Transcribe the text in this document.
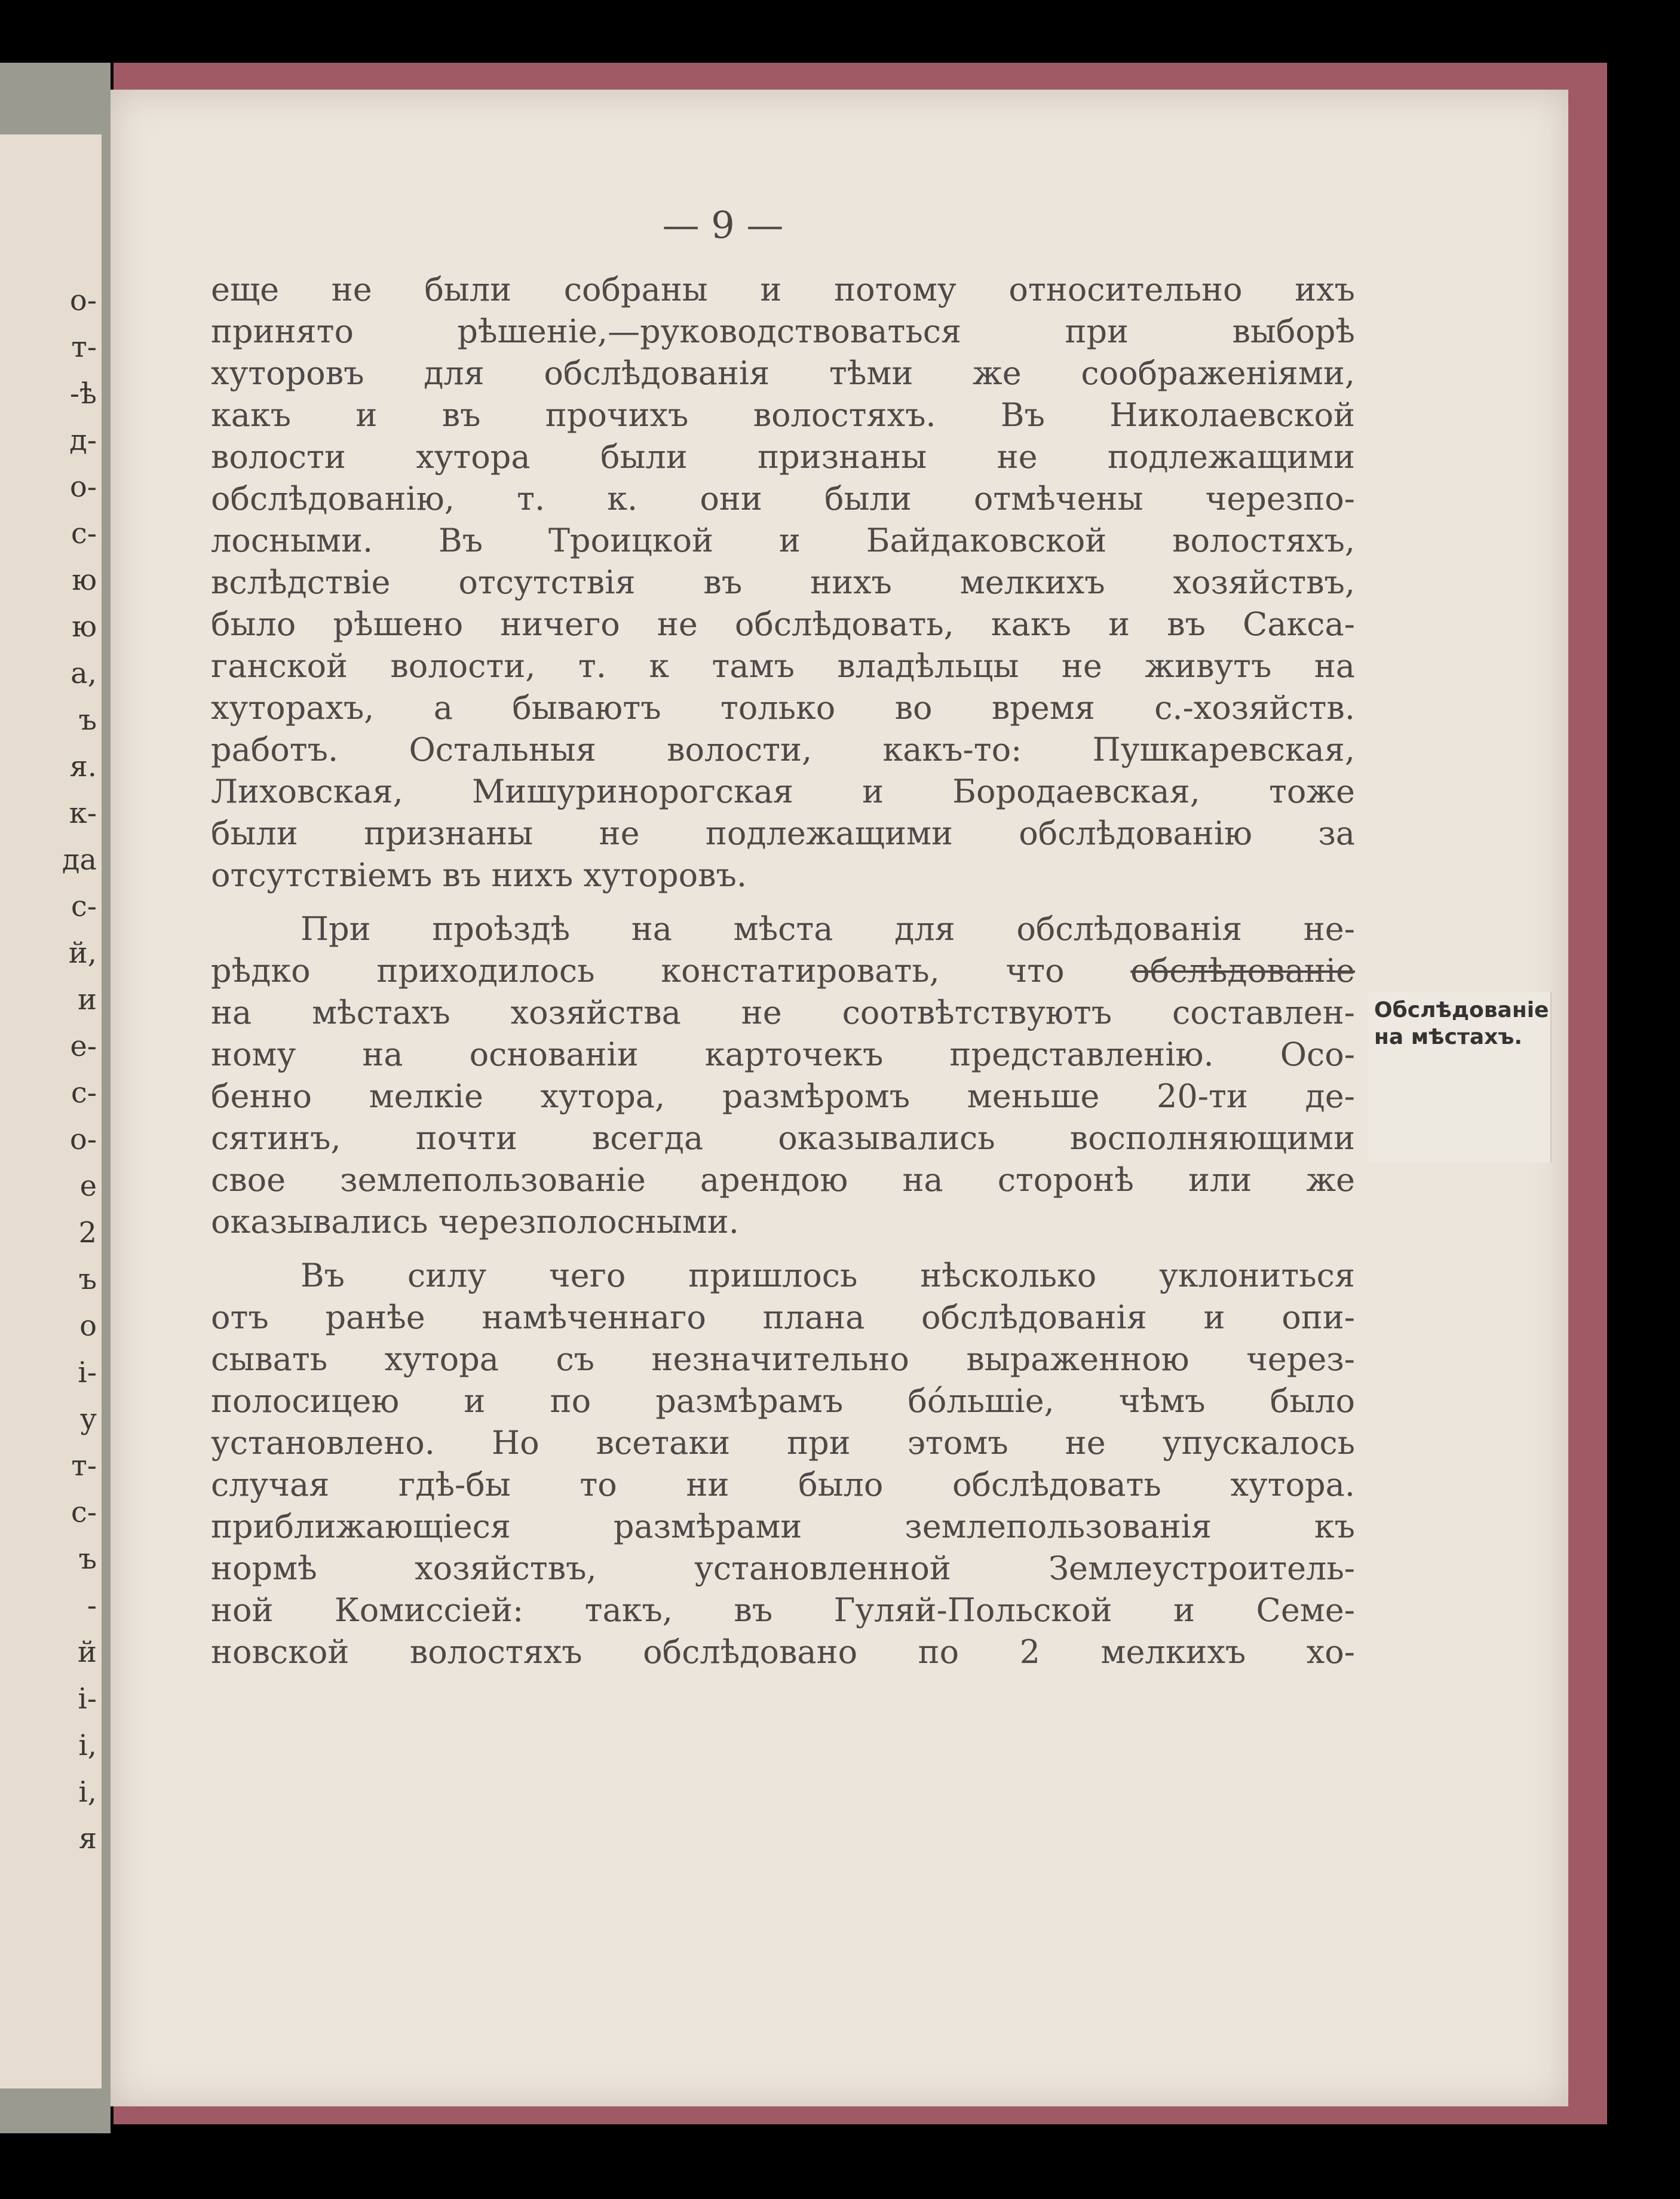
о-
т-
-ѣ
д-
о-
с-
ю
ю
а,
ъ
я.
к-
да
с-
й,
и
е-
с-
о-
е
2
ъ
о
і-
у
т-
с-
ъ
-
й
і-
і,
і,
я
— 9 —
еще не были собраны и потому относительно ихъ
принято рѣшеніе,—руководствоваться при выборѣ
хуторовъ для обслѣдованія тѣми же соображеніями,
какъ и въ прочихъ волостяхъ. Въ Николаевской
волости хутора были признаны не подлежащими
обслѣдованію, т. к. они были отмѣчены черезпо-
лосными. Въ Троицкой и Байдаковской волостяхъ,
вслѣдствіе отсутствія въ нихъ мелкихъ хозяйствъ,
было рѣшено ничего не обслѣдовать, какъ и въ Сакса-
ганской волости, т. к тамъ владѣльцы не живутъ на
хуторахъ, а бываютъ только во время с.-хозяйств.
работъ. Остальныя волости, какъ-то: Пушкаревская,
Лиховская, Мишуринорогская и Бородаевская, тоже
были признаны не подлежащими обслѣдованію за
отсутствіемъ въ нихъ хуторовъ.
При проѣздѣ на мѣста для обслѣдованія не-
рѣдко приходилось констатировать, что обслѣдованіе
на мѣстахъ хозяйства не соотвѣтствуютъ составлен-
ному на основаніи карточекъ представленію. Осо-
бенно мелкіе хутора, размѣромъ меньше 20-ти де-
сятинъ, почти всегда оказывались восполняющими
свое землепользованіе арендою на сторонѣ или же
оказывались черезполосными.
Въ силу чего пришлось нѣсколько уклониться
отъ ранѣе намѣченнаго плана обслѣдованія и опи-
сывать хутора съ незначительно выраженною через-
полосицею и по размѣрамъ бо́льшіе, чѣмъ было
установлено. Но всетаки при этомъ не упускалось
случая гдѣ-бы то ни было обслѣдовать хутора.
приближающіеся размѣрами землепользованія къ
нормѣ хозяйствъ, установленной Землеустроитель-
ной Комиссіей: такъ, въ Гуляй-Польской и Семе-
новской волостяхъ обслѣдовано по 2 мелкихъ хо-
Обслѣдованіе
на мѣстахъ.
